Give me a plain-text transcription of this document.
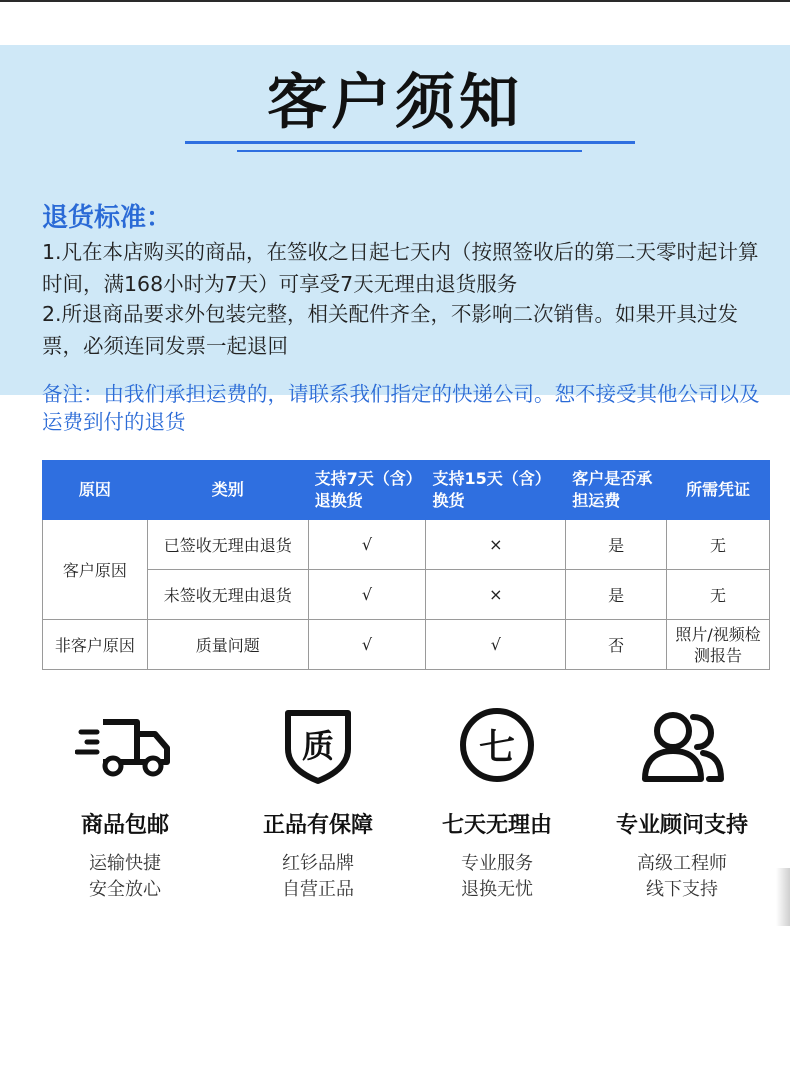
客户须知
退货标准：
1.凡在本店购买的商品，在签收之日起七天内（按照签收后的第二天零时起计算时间，满168小时为7天）可享受7天无理由退货服务
2.所退商品要求外包装完整，相关配件齐全，不影响二次销售。如果开具过发票，必须连同发票一起退回
备注：由我们承担运费的，请联系我们指定的快递公司。恕不接受其他公司以及运费到付的退货
原因	类别	支持7天（含）退换货	支持15天（含）换货	客户是否承担运费	所需凭证
客户原因	已签收无理由退货	√	×	是	无
	未签收无理由退货	√	×	是	无
非客户原因	质量问题	√	√	否	照片/视频检测报告
商品包邮
运输快捷
安全放心
质
正品有保障
红钐品牌
自营正品
七
七天无理由
专业服务
退换无忧
专业顾问支持
高级工程师
线下支持
